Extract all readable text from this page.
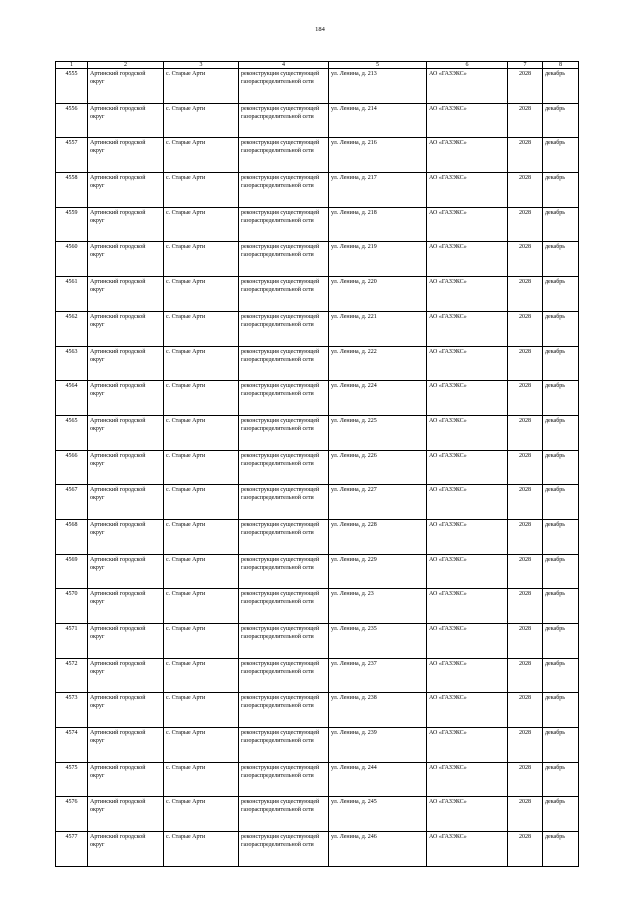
184
1	2	3	4	5	6	7	8
4555	Артинский городской округ	с. Старые Арти	реконструкция существующей газораспределительной сети	ул. Ленина, д. 213	АО «ГАЗЭКС»	2028	декабрь
4556	Артинский городской округ	с. Старые Арти	реконструкция существующей газораспределительной сети	ул. Ленина, д. 214	АО «ГАЗЭКС»	2028	декабрь
4557	Артинский городской округ	с. Старые Арти	реконструкция существующей газораспределительной сети	ул. Ленина, д. 216	АО «ГАЗЭКС»	2028	декабрь
4558	Артинский городской округ	с. Старые Арти	реконструкция существующей газораспределительной сети	ул. Ленина, д. 217	АО «ГАЗЭКС»	2028	декабрь
4559	Артинский городской округ	с. Старые Арти	реконструкция существующей газораспределительной сети	ул. Ленина, д. 218	АО «ГАЗЭКС»	2028	декабрь
4560	Артинский городской округ	с. Старые Арти	реконструкция существующей газораспределительной сети	ул. Ленина, д. 219	АО «ГАЗЭКС»	2028	декабрь
4561	Артинский городской округ	с. Старые Арти	реконструкция существующей газораспределительной сети	ул. Ленина, д. 220	АО «ГАЗЭКС»	2028	декабрь
4562	Артинский городской округ	с. Старые Арти	реконструкция существующей газораспределительной сети	ул. Ленина, д. 221	АО «ГАЗЭКС»	2028	декабрь
4563	Артинский городской округ	с. Старые Арти	реконструкция существующей газораспределительной сети	ул. Ленина, д. 222	АО «ГАЗЭКС»	2028	декабрь
4564	Артинский городской округ	с. Старые Арти	реконструкция существующей газораспределительной сети	ул. Ленина, д. 224	АО «ГАЗЭКС»	2028	декабрь
4565	Артинский городской округ	с. Старые Арти	реконструкция существующей газораспределительной сети	ул. Ленина, д. 225	АО «ГАЗЭКС»	2028	декабрь
4566	Артинский городской округ	с. Старые Арти	реконструкция существующей газораспределительной сети	ул. Ленина, д. 226	АО «ГАЗЭКС»	2028	декабрь
4567	Артинский городской округ	с. Старые Арти	реконструкция существующей газораспределительной сети	ул. Ленина, д. 227	АО «ГАЗЭКС»	2028	декабрь
4568	Артинский городской округ	с. Старые Арти	реконструкция существующей газораспределительной сети	ул. Ленина, д. 228	АО «ГАЗЭКС»	2028	декабрь
4569	Артинский городской округ	с. Старые Арти	реконструкция существующей газораспределительной сети	ул. Ленина, д. 229	АО «ГАЗЭКС»	2028	декабрь
4570	Артинский городской округ	с. Старые Арти	реконструкция существующей газораспределительной сети	ул. Ленина, д. 23	АО «ГАЗЭКС»	2028	декабрь
4571	Артинский городской округ	с. Старые Арти	реконструкция существующей газораспределительной сети	ул. Ленина, д. 235	АО «ГАЗЭКС»	2028	декабрь
4572	Артинский городской округ	с. Старые Арти	реконструкция существующей газораспределительной сети	ул. Ленина, д. 237	АО «ГАЗЭКС»	2028	декабрь
4573	Артинский городской округ	с. Старые Арти	реконструкция существующей газораспределительной сети	ул. Ленина, д. 238	АО «ГАЗЭКС»	2028	декабрь
4574	Артинский городской округ	с. Старые Арти	реконструкция существующей газораспределительной сети	ул. Ленина, д. 239	АО «ГАЗЭКС»	2028	декабрь
4575	Артинский городской округ	с. Старые Арти	реконструкция существующей газораспределительной сети	ул. Ленина, д. 244	АО «ГАЗЭКС»	2028	декабрь
4576	Артинский городской округ	с. Старые Арти	реконструкция существующей газораспределительной сети	ул. Ленина, д. 245	АО «ГАЗЭКС»	2028	декабрь
4577	Артинский городской округ	с. Старые Арти	реконструкция существующей газораспределительной сети	ул. Ленина, д. 246	АО «ГАЗЭКС»	2028	декабрь
